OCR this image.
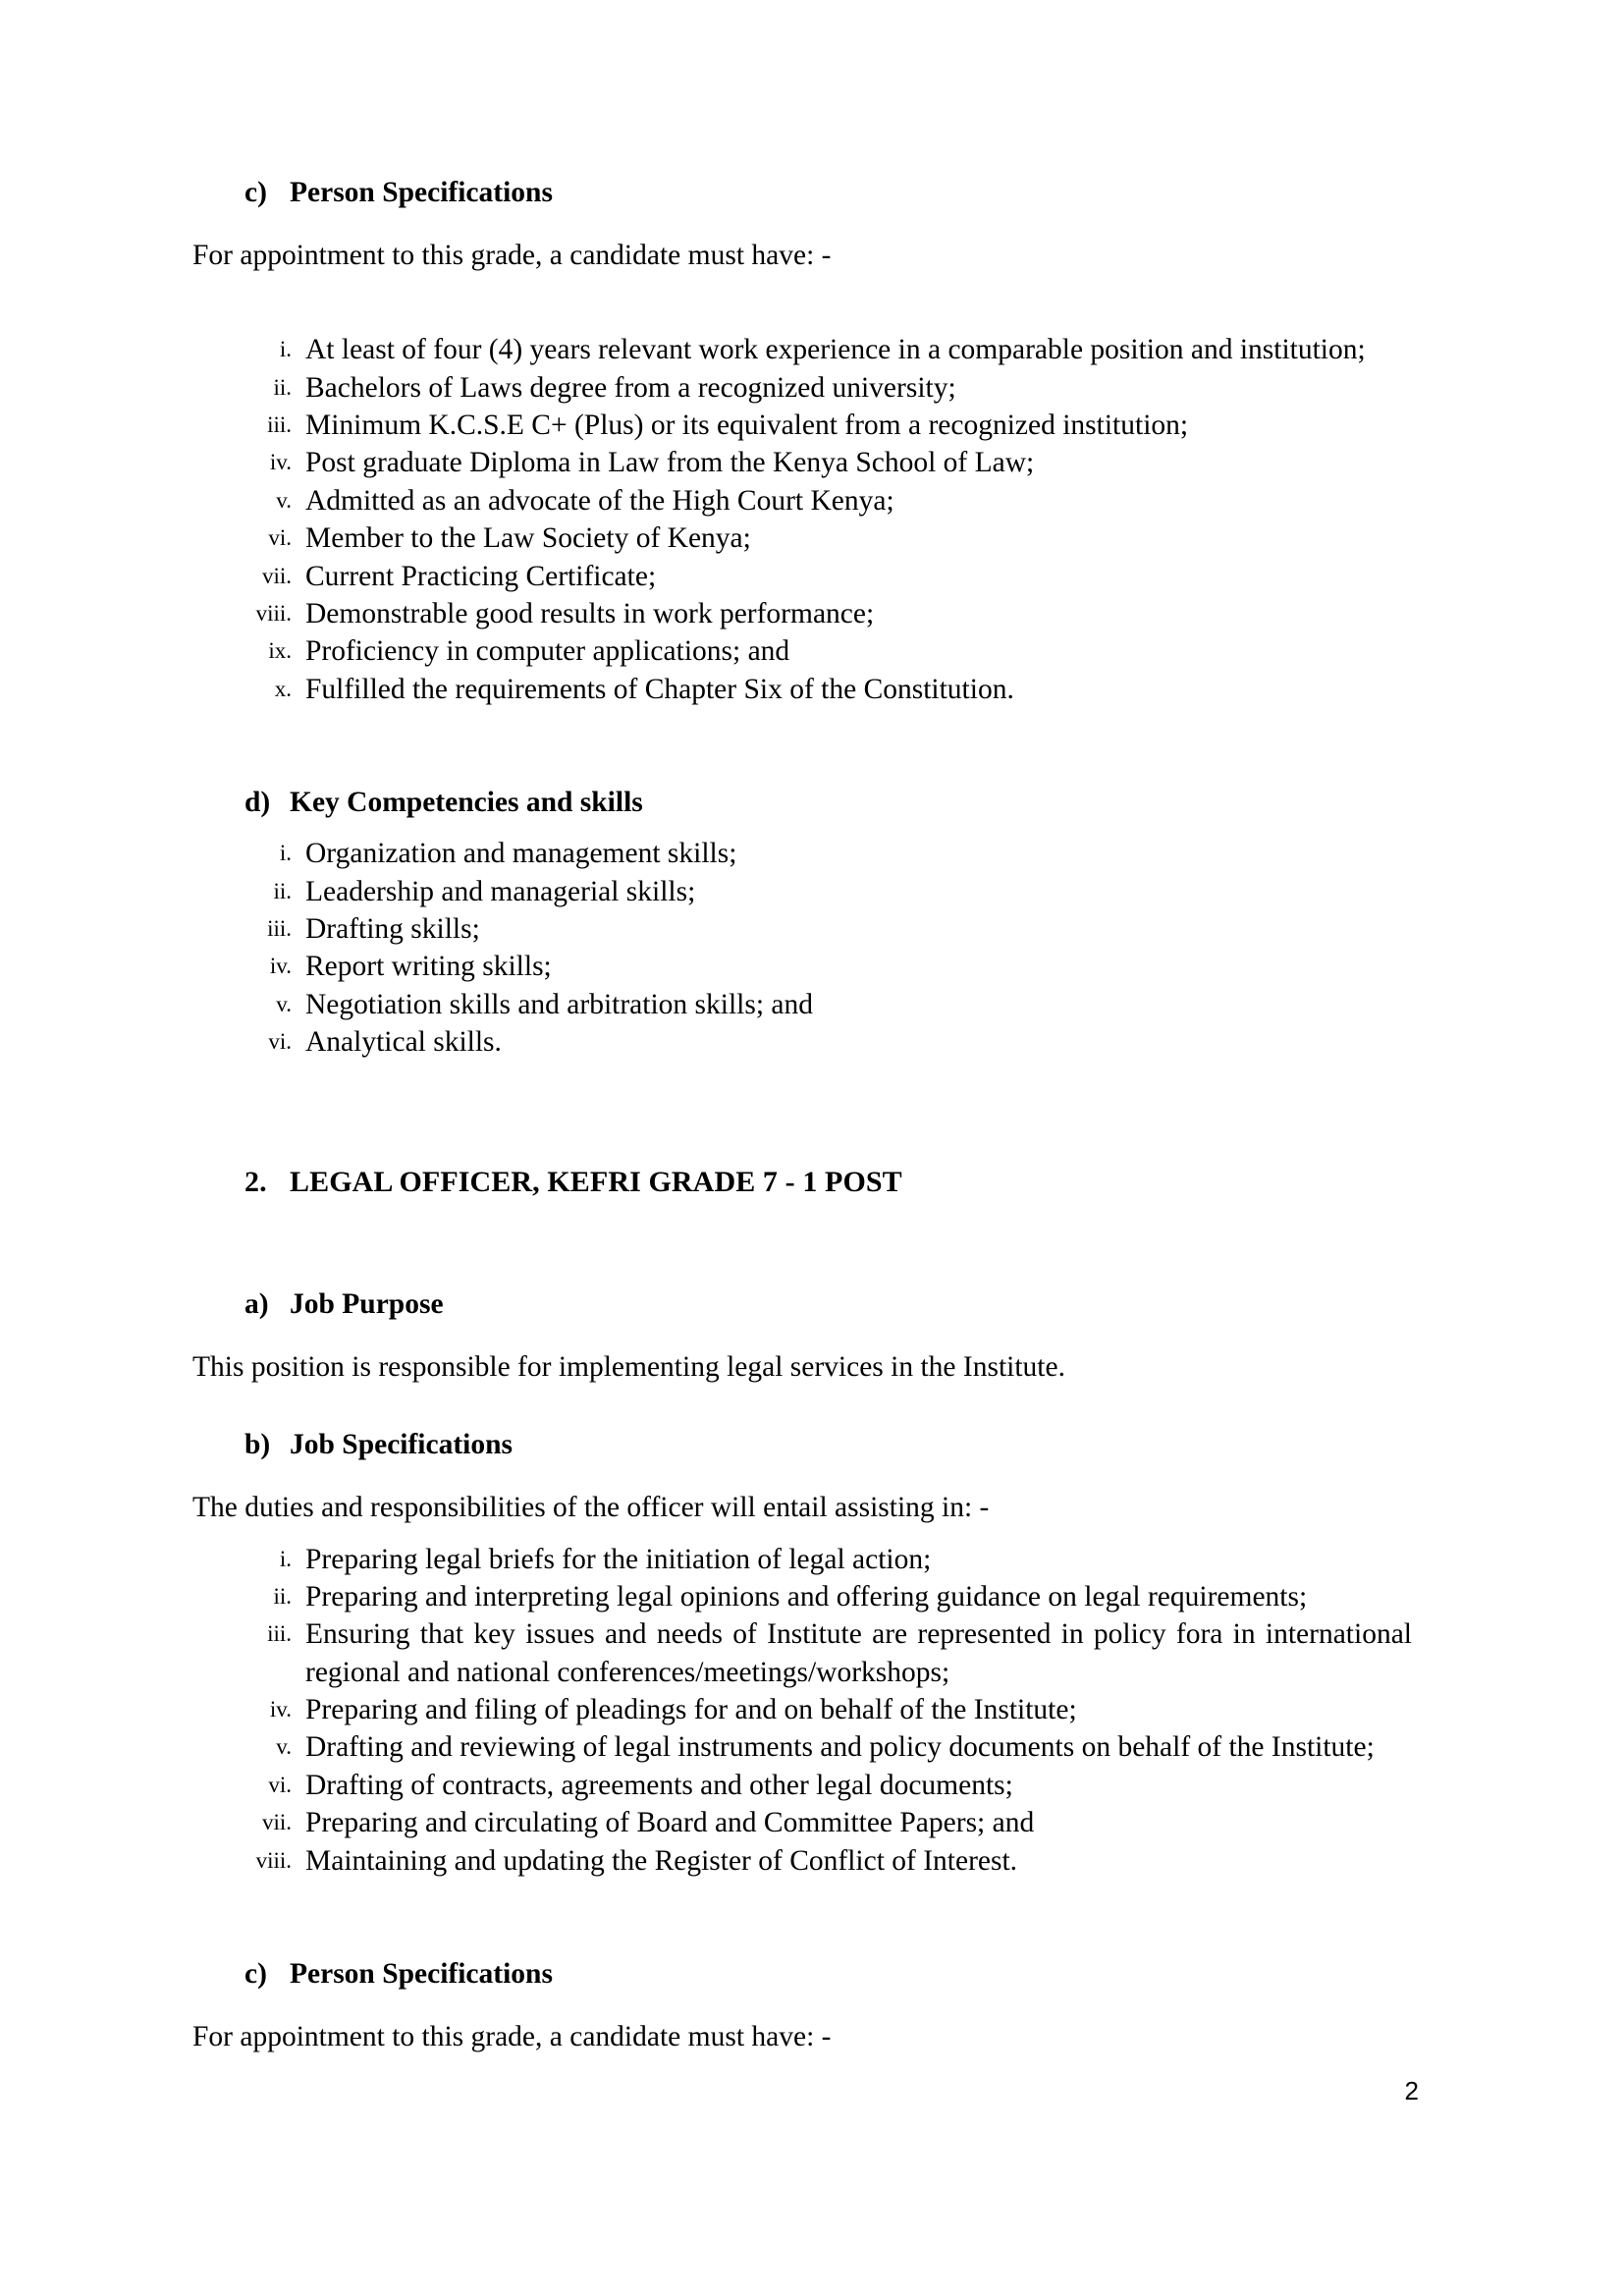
c) Person Specifications

For appointment to this grade, a candidate must have: -

i. At least of four (4) years relevant work experience in a comparable position and institution;
ii. Bachelors of Laws degree from a recognized university;
iii. Minimum K.C.S.E C+ (Plus) or its equivalent from a recognized institution;
iv. Post graduate Diploma in Law from the Kenya School of Law;
v. Admitted as an advocate of the High Court Kenya;
vi. Member to the Law Society of Kenya;
vii. Current Practicing Certificate;
viii. Demonstrable good results in work performance;
ix. Proficiency in computer applications; and
x. Fulfilled the requirements of Chapter Six of the Constitution.
d) Key Competencies and skills
i. Organization and management skills;
ii. Leadership and managerial skills;
iii. Drafting skills;
iv. Report writing skills;
v. Negotiation skills and arbitration skills; and
vi. Analytical skills.
2. LEGAL OFFICER, KEFRI GRADE 7 - 1 POST
a) Job Purpose

This position is responsible for implementing legal services in the Institute.

b) Job Specifications

The duties and responsibilities of the officer will entail assisting in: -

i. Preparing legal briefs for the initiation of legal action;
ii. Preparing and interpreting legal opinions and offering guidance on legal requirements;
iii. Ensuring that key issues and needs of Institute are represented in policy fora in international regional and national conferences/meetings/workshops;
iv. Preparing and filing of pleadings for and on behalf of the Institute;
v. Drafting and reviewing of legal instruments and policy documents on behalf of the Institute;
vi. Drafting of contracts, agreements and other legal documents;
vii. Preparing and circulating of Board and Committee Papers; and
viii. Maintaining and updating the Register of Conflict of Interest.
c) Person Specifications

For appointment to this grade, a candidate must have: -

2
